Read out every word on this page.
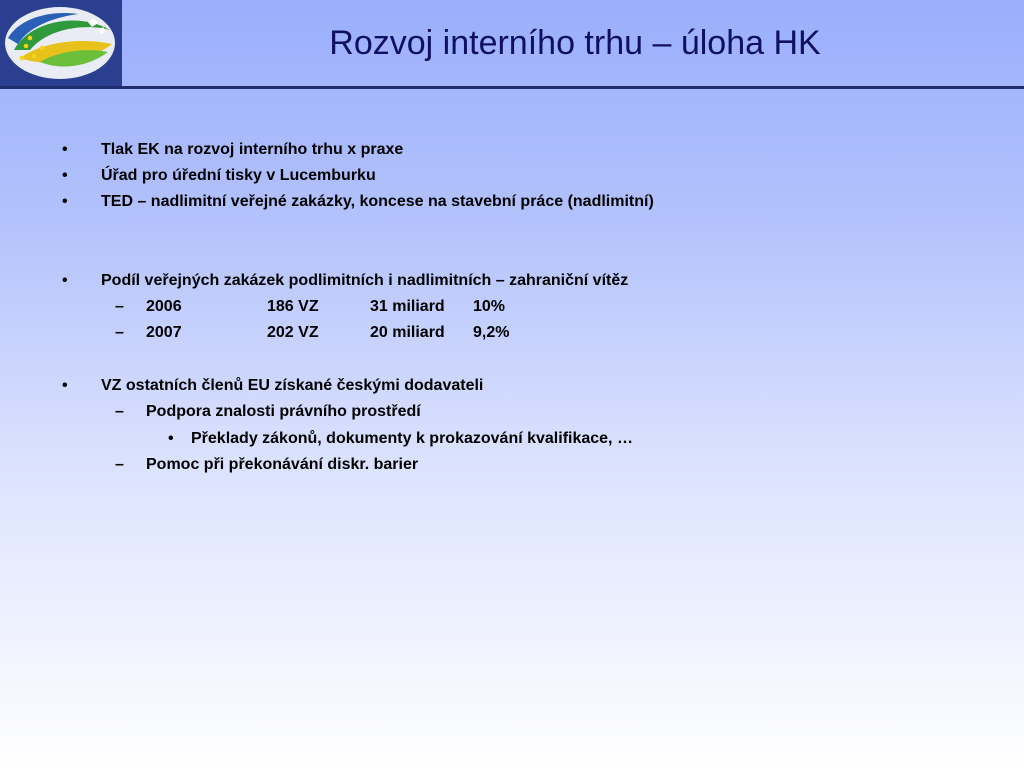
Rozvoj interního trhu – úloha HK
• Tlak EK na rozvoj interního trhu x praxe
• Úřad pro úřední tisky v Lucemburku
• TED – nadlimitní veřejné zakázky, koncese na stavební práce (nadlimitní)
• Podíl veřejných zakázek podlimitních i nadlimitních – zahraniční vítěz
– 2006	186 VZ	31 miliard 10%
– 2007	202 VZ	20 miliard 9,2%
• VZ ostatních členů EU získané českými dodavateli
– Podpora znalosti právního prostředí
• Překlady zákonů, dokumenty k prokazování kvalifikace, …
– Pomoc při překonávání diskr. barier
